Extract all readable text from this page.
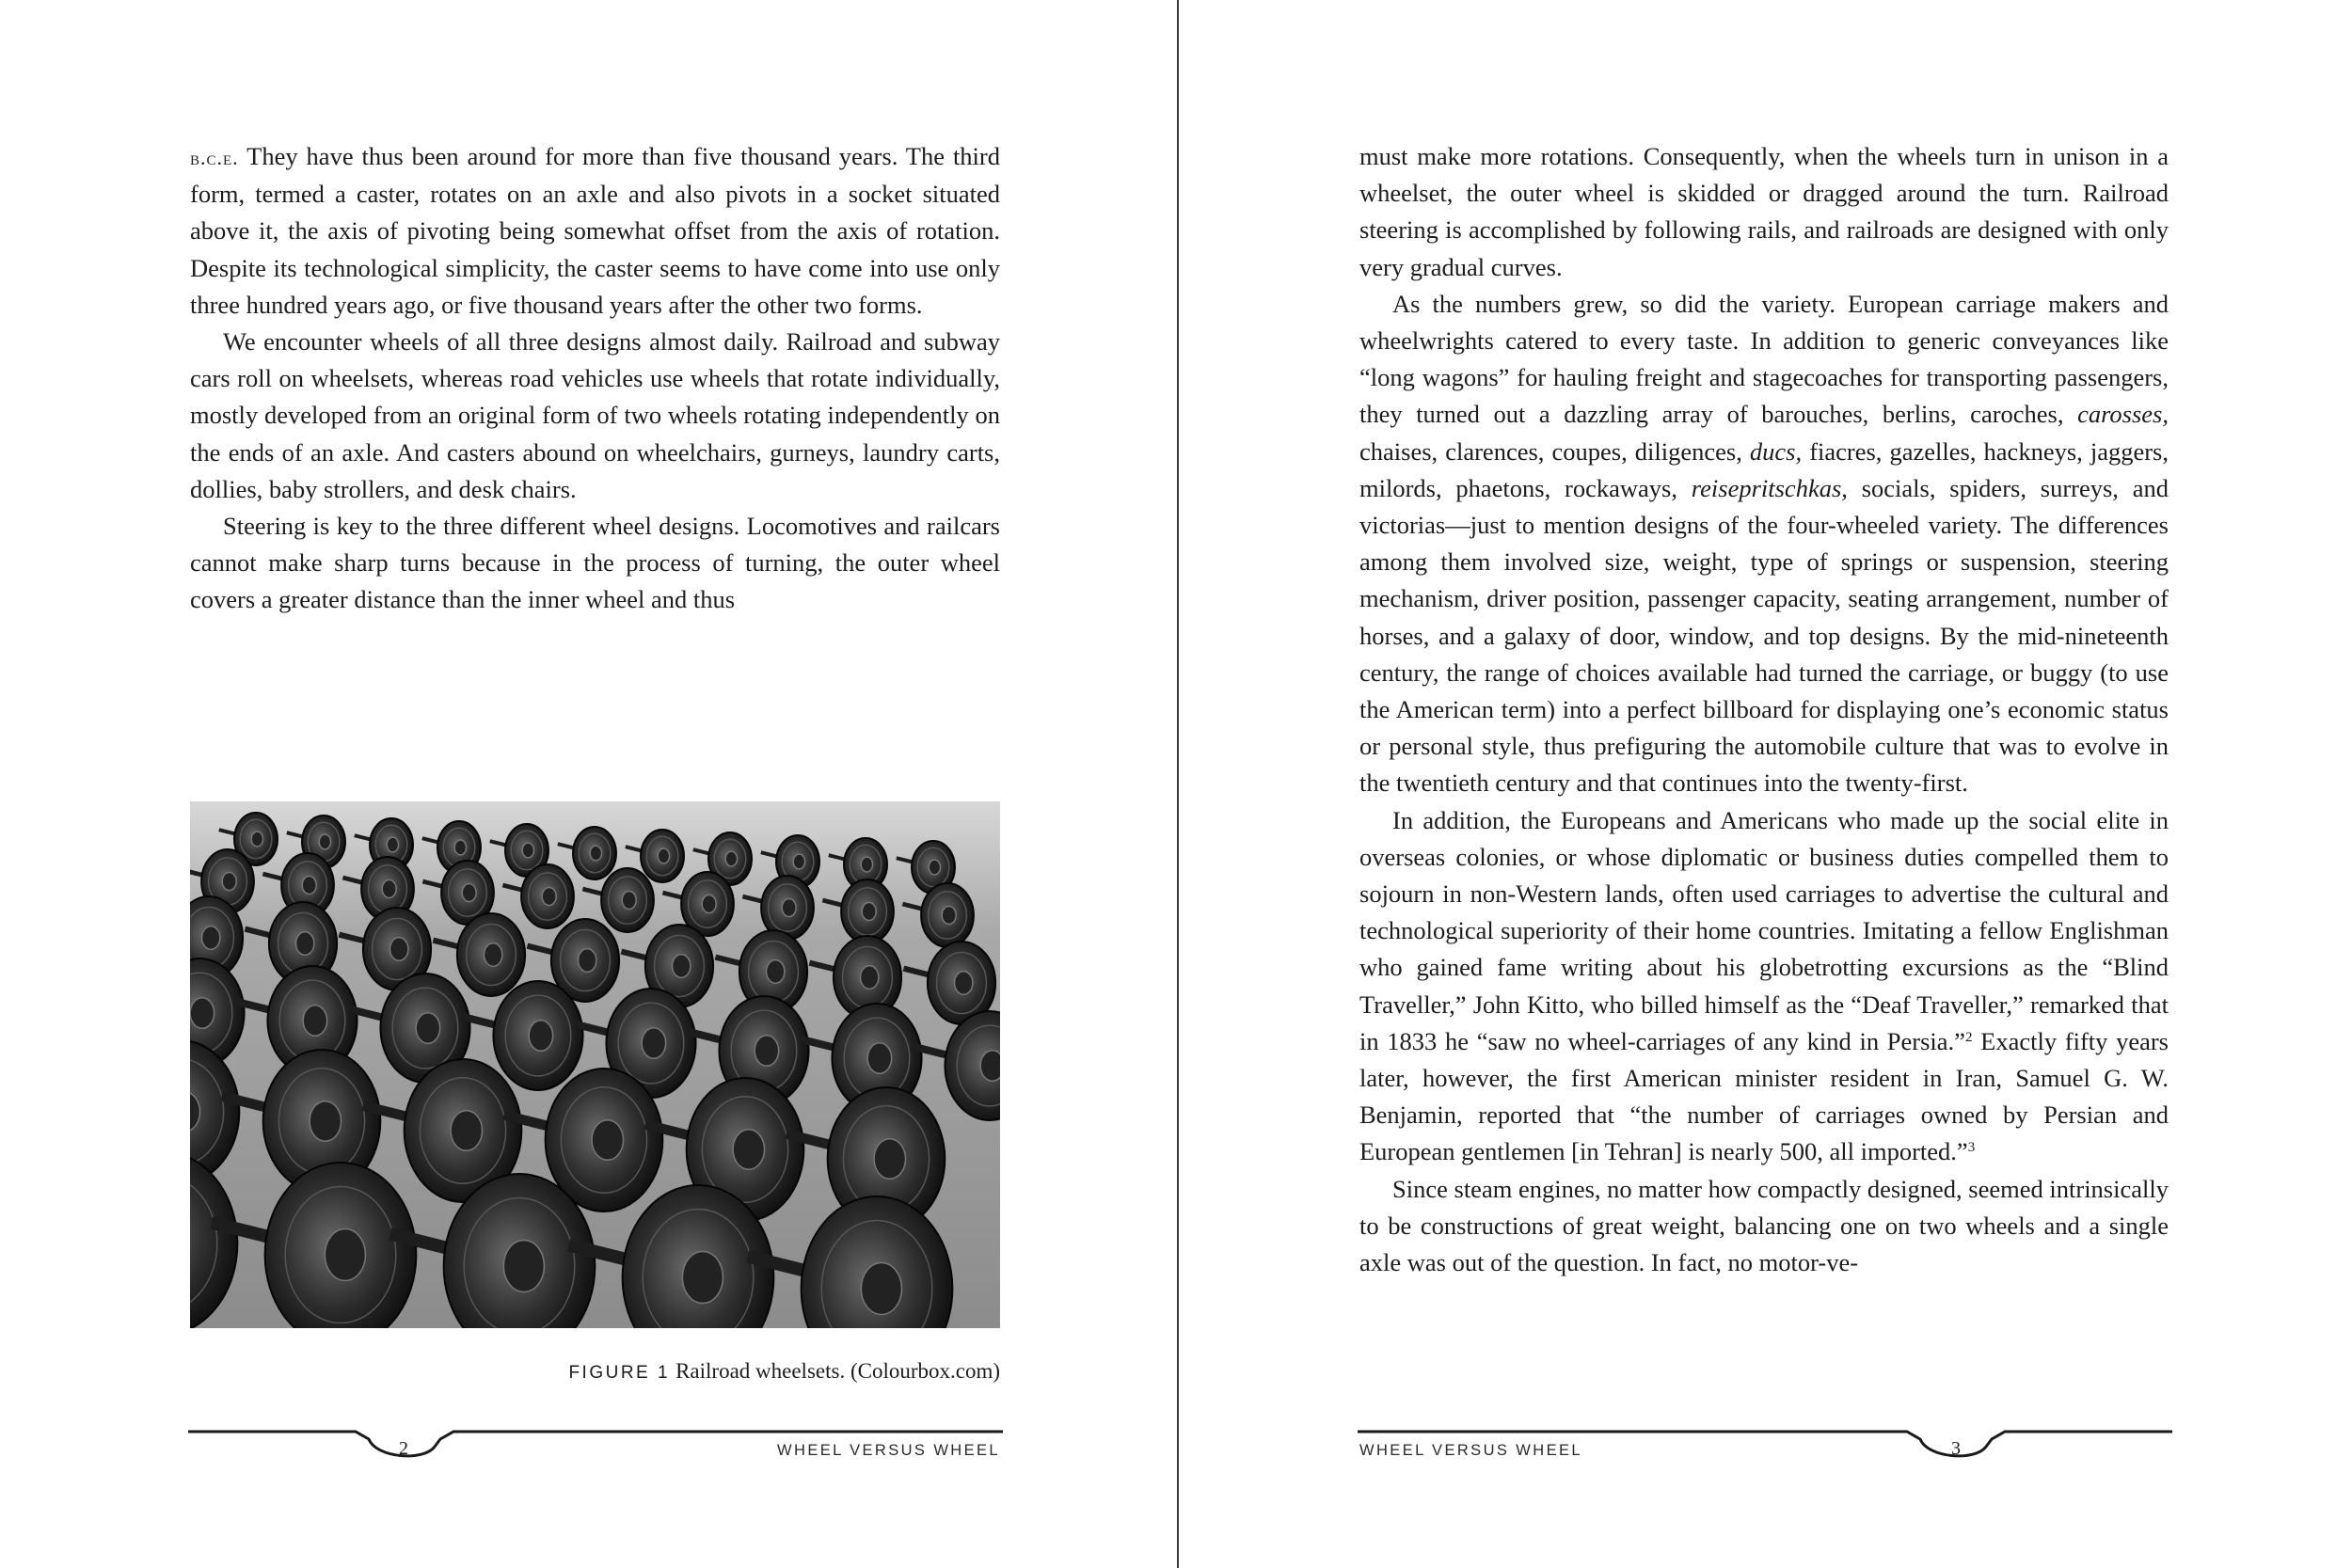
b.c.e. They have thus been around for more than five thousand years. The third form, termed a caster, rotates on an axle and also pivots in a socket situated above it, the axis of pivoting being somewhat offset from the axis of rotation. Despite its technological simplicity, the caster seems to have come into use only three hundred years ago, or five thousand years after the other two forms.

We encounter wheels of all three designs almost daily. Railroad and subway cars roll on wheelsets, whereas road vehicles use wheels that rotate individually, mostly developed from an original form of two wheels rotating independently on the ends of an axle. And casters abound on wheelchairs, gurneys, laundry carts, dollies, baby strollers, and desk chairs.

Steering is key to the three different wheel designs. Locomotives and railcars cannot make sharp turns because in the process of turning, the outer wheel covers a greater distance than the inner wheel and thus

FIGURE 1 Railroad wheelsets. (Colourbox.com)

2	WHEEL VERSUS WHEEL

must make more rotations. Consequently, when the wheels turn in unison in a wheelset, the outer wheel is skidded or dragged around the turn. Railroad steering is accomplished by following rails, and railroads are designed with only very gradual curves.

As the numbers grew, so did the variety. European carriage makers and wheelwrights catered to every taste. In addition to generic conveyances like “long wagons” for hauling freight and stagecoaches for transporting passengers, they turned out a dazzling array of barouches, berlins, caroches, carosses, chaises, clarences, coupes, diligences, ducs, fiacres, gazelles, hackneys, jaggers, milords, phaetons, rockaways, reisepritschkas, socials, spiders, surreys, and victorias—just to mention designs of the four-wheeled variety. The differences among them involved size, weight, type of springs or suspension, steering mechanism, driver position, passenger capacity, seating arrangement, number of horses, and a galaxy of door, window, and top designs. By the mid-nineteenth century, the range of choices available had turned the carriage, or buggy (to use the American term) into a perfect billboard for displaying one’s economic status or personal style, thus prefiguring the automobile culture that was to evolve in the twentieth century and that continues into the twenty-first.

In addition, the Europeans and Americans who made up the social elite in overseas colonies, or whose diplomatic or business duties compelled them to sojourn in non-Western lands, often used carriages to advertise the cultural and technological superiority of their home countries. Imitating a fellow Englishman who gained fame writing about his globetrotting excursions as the “Blind Traveller,” John Kitto, who billed himself as the “Deaf Traveller,” remarked that in 1833 he “saw no wheel-carriages of any kind in Persia.”$^2$ Exactly fifty years later, however, the first American minister resident in Iran, Samuel G. W. Benjamin, reported that “the number of carriages owned by Persian and European gentlemen [in Tehran] is nearly 500, all imported.”$^3$

Since steam engines, no matter how compactly designed, seemed intrinsically to be constructions of great weight, balancing one on two wheels and a single axle was out of the question. In fact, no motor-ve-

3
WHEEL VERSUS WHEEL
